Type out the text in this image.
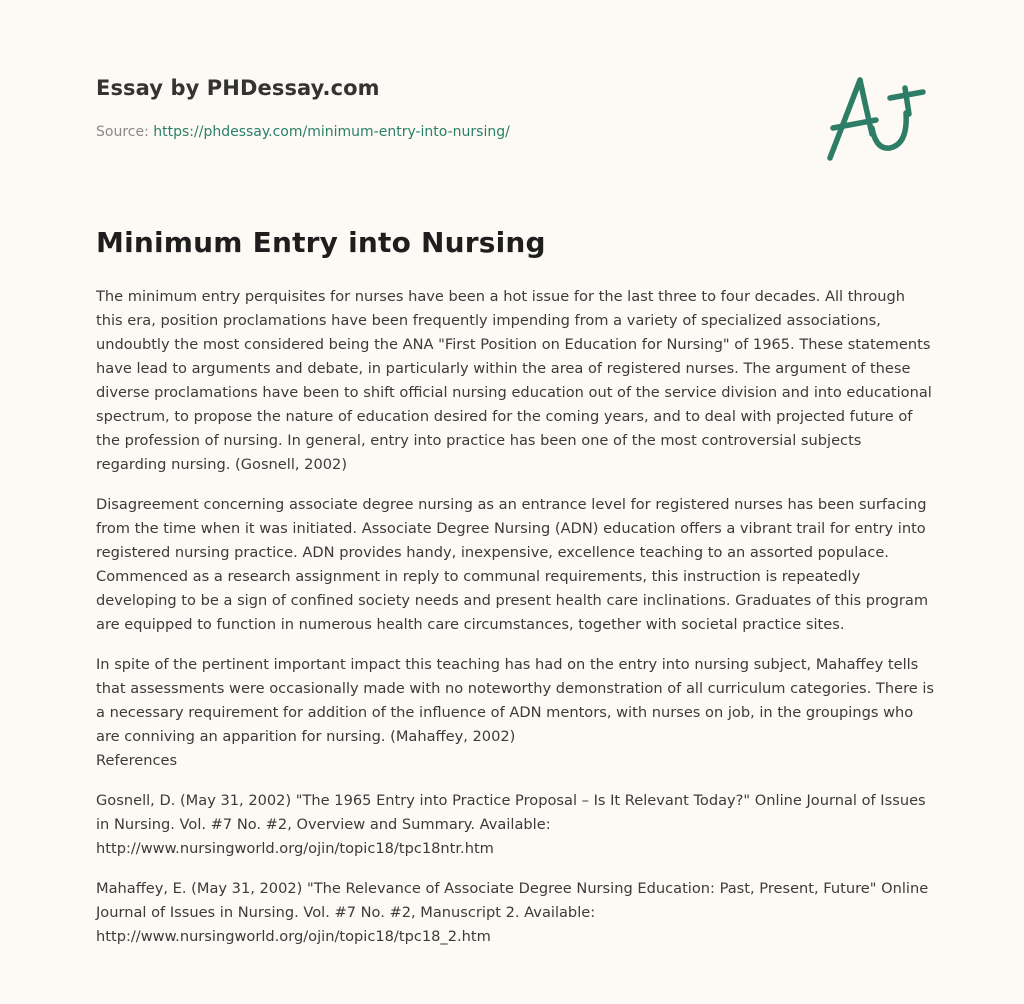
Essay by PHDessay.com
Source: https://phdessay.com/minimum-entry-into-nursing/
Minimum Entry into Nursing

The minimum entry perquisites for nurses have been a hot issue for the last three to four decades. All through this era, position proclamations have been frequently impending from a variety of specialized associations, undoubtly the most considered being the ANA "First Position on Education for Nursing" of 1965. These statements have lead to arguments and debate, in particularly within the area of registered nurses. The argument of these diverse proclamations have been to shift official nursing education out of the service division and into educational spectrum, to propose the nature of education desired for the coming years, and to deal with projected future of the profession of nursing. In general, entry into practice has been one of the most controversial subjects regarding nursing. (Gosnell, 2002)

Disagreement concerning associate degree nursing as an entrance level for registered nurses has been surfacing from the time when it was initiated. Associate Degree Nursing (ADN) education offers a vibrant trail for entry into registered nursing practice. ADN provides handy, inexpensive, excellence teaching to an assorted populace. Commenced as a research assignment in reply to communal requirements, this instruction is repeatedly developing to be a sign of confined society needs and present health care inclinations. Graduates of this program are equipped to function in numerous health care circumstances, together with societal practice sites.

In spite of the pertinent important impact this teaching has had on the entry into nursing subject, Mahaffey tells that assessments were occasionally made with no noteworthy demonstration of all curriculum categories. There is a necessary requirement for addition of the influence of ADN mentors, with nurses on job, in the groupings who are conniving an apparition for nursing. (Mahaffey, 2002)

References

Gosnell, D. (May 31, 2002) "The 1965 Entry into Practice Proposal – Is It Relevant Today?" Online Journal of Issues in Nursing. Vol. #7 No. #2, Overview and Summary. Available:
http://www.nursingworld.org/ojin/topic18/tpc18ntr.htm

Mahaffey, E. (May 31, 2002) "The Relevance of Associate Degree Nursing Education: Past, Present, Future" Online Journal of Issues in Nursing. Vol. #7 No. #2, Manuscript 2. Available:
http://www.nursingworld.org/ojin/topic18/tpc18_2.htm
